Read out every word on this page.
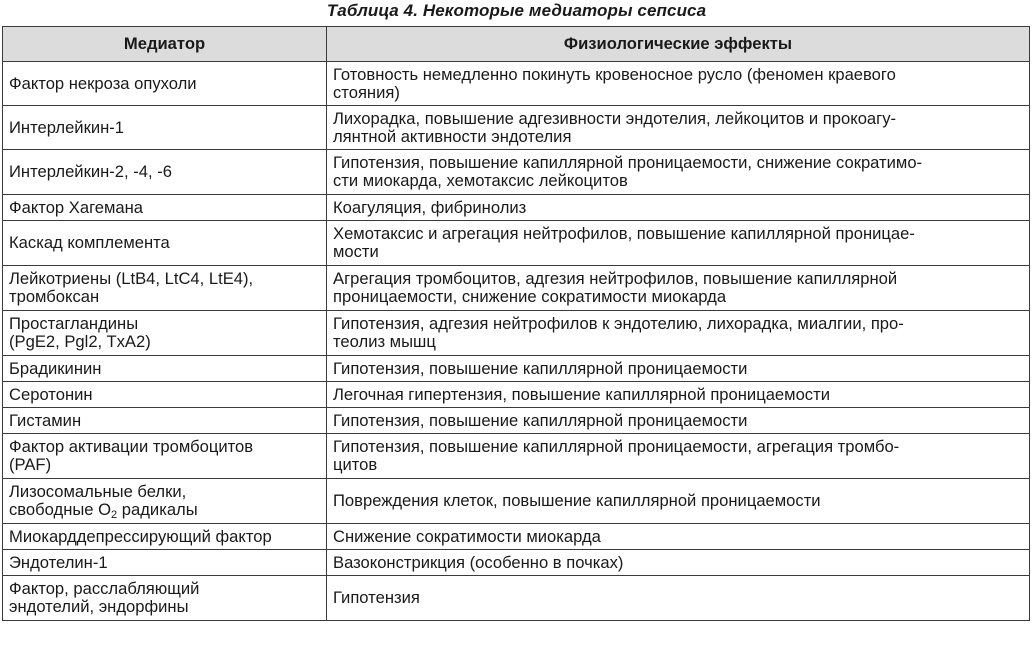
Таблица 4. Некоторые медиаторы сепсиса
Медиатор	Физиологические эффекты
Фактор некроза опухоли	Готовность немедленно покинуть кровеносное русло (феномен краевого
стояния)
Интерлейкин-1	Лихорадка, повышение адгезивности эндотелия, лейкоцитов и прокоагу-
лянтной активности эндотелия
Интерлейкин-2, -4, -6	Гипотензия, повышение капиллярной проницаемости, снижение сократимо-
сти миокарда, хемотаксис лейкоцитов
Фактор Хагемана	Коагуляция, фибринолиз
Каскад комплемента	Хемотаксис и агрегация нейтрофилов, повышение капиллярной проницае-
мости
Лейкотриены (LtB4, LtC4, LtE4),
тромбоксан	Агрегация тромбоцитов, адгезия нейтрофилов, повышение капиллярной
проницаемости, снижение сократимости миокарда
Простагландины
(PgE2, Pgl2, TxA2)	Гипотензия, адгезия нейтрофилов к эндотелию, лихорадка, миалгии, про-
теолиз мышц
Брадикинин	Гипотензия, повышение капиллярной проницаемости
Серотонин	Легочная гипертензия, повышение капиллярной проницаемости
Гистамин	Гипотензия, повышение капиллярной проницаемости
Фактор активации тромбоцитов
(PAF)	Гипотензия, повышение капиллярной проницаемости, агрегация тромбо-
цитов
Лизосомальные белки,
свободные $O_2$ радикалы	Повреждения клеток, повышение капиллярной проницаемости
Миокарддепрессирующий фактор	Снижение сократимости миокарда
Эндотелин-1	Вазоконстрикция (особенно в почках)
Фактор, расслабляющий
эндотелий, эндорфины	Гипотензия
